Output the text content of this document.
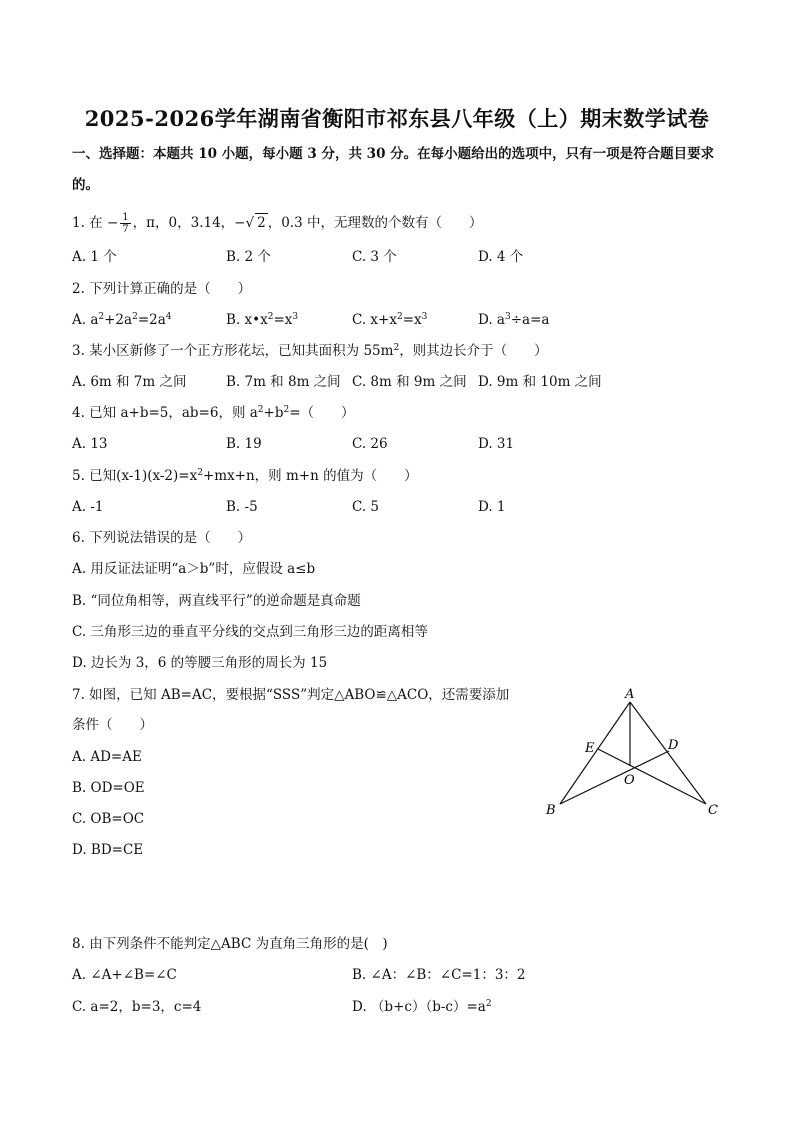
2025-2026学年湖南省衡阳市祁东县八年级（上）期末数学试卷
一、选择题：本题共 10 小题，每小题 3 分，共 30 分。在每小题给出的选项中，只有一项是符合题目要求
的。
1. 在 − $\frac{1}{7}$ ，π，0，3.14，−√ 2 ，0.3 中，无理数的个数有（　　）
A. 1 个	B. 2 个	C. 3 个	D. 4 个
2. 下列计算正确的是（　　）
A. $a^2+2a^2=2a^4$	B. $x•x^2=x^3$	C. $x+x^2=x^3$	D. $a^3\div a=a$
3. 某小区新修了一个正方形花坛，已知其面积为 $55m^2$，则其边长介于（　　）
A. 6m 和 7m 之间	B. 7m 和 8m 之间 C. 8m 和 9m 之间 D. 9m 和 10m 之间
4. 已知 a+b=5，ab=6，则 $a^2+b^2=$（　　）
A. 13	B. 19	C. 26	D. 31
5. 已知$(x-1)(x-2)=x^2+mx+n$，则 m+n 的值为（　　）
A. -1	B. -5	C. 5	D. 1
6. 下列说法错误的是（　　）
A. 用反证法证明“a＞b”时，应假设 a≤b
B. “同位角相等，两直线平行”的逆命题是真命题
C. 三角形三边的垂直平分线的交点到三角形三边的距离相等
D. 边长为 3，6 的等腰三角形的周长为 15
7. 如图，已知 AB=AC，要根据“SSS”判定△ABO≌△ACO，还需要添加
条件（　　）
A. AD=AE
B. OD=OE
C. OB=OC
D. BD=CE
A
B	C
D
E
O
8. 由下列条件不能判定△ABC 为直角三角形的是(　)
A. ∠A+∠B=∠C	B. ∠A：∠B：∠C=1：3：2
C. a=2，b=3，c=4	D. $(b+c)(b-c)=a^2$
